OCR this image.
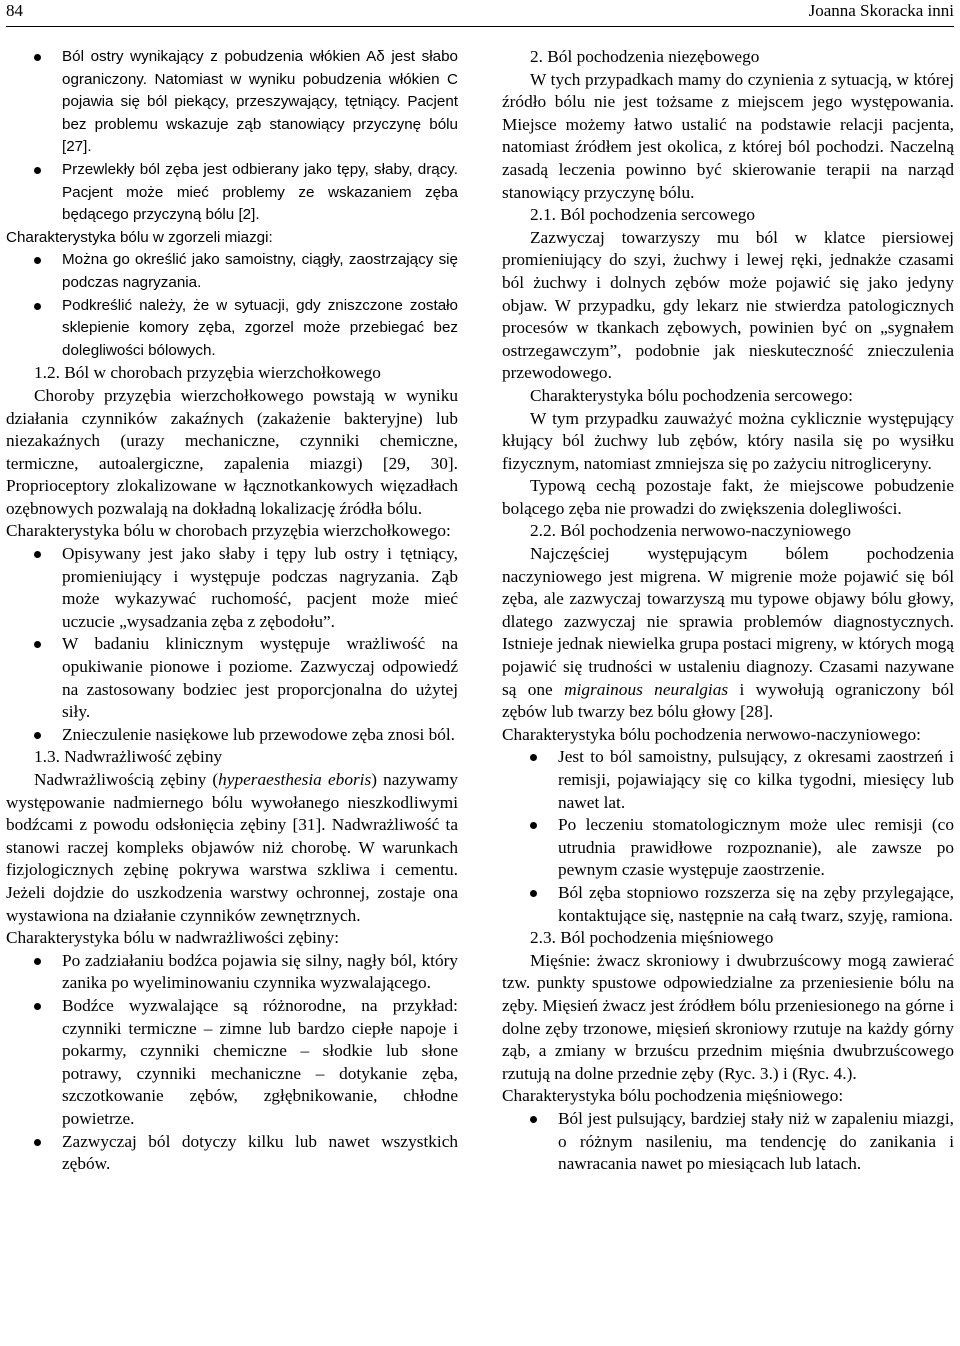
84	Joanna Skoracka inni
Ból ostry wynikający z pobudzenia włókien Aδ jest słabo ograniczony. Natomiast w wyniku pobudzenia włókien C pojawia się ból piekący, przeszywający, tętniący. Pacjent bez problemu wskazuje ząb stanowiący przyczynę bólu [27].
Przewlekły ból zęba jest odbierany jako tępy, słaby, drący. Pacjent może mieć problemy ze wskazaniem zęba będącego przyczyną bólu [2].

Charakterystyka bólu w zgorzeli miazgi:

Można go określić jako samoistny, ciągły, zaostrzający się podczas nagryzania.
Podkreślić należy, że w sytuacji, gdy zniszczone zostało sklepienie komory zęba, zgorzel może przebiegać bez dolegliwości bólowych.

1.2. Ból w chorobach przyzębia wierzchołkowego

Choroby przyzębia wierzchołkowego powstają w wyniku działania czynników zakaźnych (zakażenie bakteryjne) lub niezakaźnych (urazy mechaniczne, czynniki chemiczne, termiczne, autoalergiczne, zapalenia miazgi) [29, 30]. Proprioceptory zlokalizowane w łącznotkankowych więzadłach ozębnowych pozwalają na dokładną lokalizację źródła bólu.

Charakterystyka bólu w chorobach przyzębia wierzchołkowego:

Opisywany jest jako słaby i tępy lub ostry i tętniący, promieniujący i występuje podczas nagryzania. Ząb może wykazywać ruchomość, pacjent może mieć uczucie „wysadzania zęba z zębodołu”.
W badaniu klinicznym występuje wrażliwość na opukiwanie pionowe i poziome. Zazwyczaj odpowiedź na zastosowany bodziec jest proporcjonalna do użytej siły.
Znieczulenie nasiękowe lub przewodowe zęba znosi ból.

1.3. Nadwrażliwość zębiny

Nadwrażliwością zębiny (hyperaesthesia eboris) nazywamy występowanie nadmiernego bólu wywołanego nieszkodliwymi bodźcami z powodu odsłonięcia zębiny [31]. Nadwrażliwość ta stanowi raczej kompleks objawów niż chorobę. W warunkach fizjologicznych zębinę pokrywa warstwa szkliwa i cementu. Jeżeli dojdzie do uszkodzenia warstwy ochronnej, zostaje ona wystawiona na działanie czynników zewnętrznych.

Charakterystyka bólu w nadwrażliwości zębiny:

Po zadziałaniu bodźca pojawia się silny, nagły ból, który zanika po wyeliminowaniu czynnika wyzwalającego.
Bodźce wyzwalające są różnorodne, na przykład: czynniki termiczne – zimne lub bardzo ciepłe napoje i pokarmy, czynniki chemiczne – słodkie lub słone potrawy, czynniki mechaniczne – dotykanie zęba, szczotkowanie zębów, zgłębnikowanie, chłodne powietrze.
Zazwyczaj ból dotyczy kilku lub nawet wszystkich zębów.

2. Ból pochodzenia niezębowego

W tych przypadkach mamy do czynienia z sytuacją, w której źródło bólu nie jest tożsame z miejscem jego występowania. Miejsce możemy łatwo ustalić na podstawie relacji pacjenta, natomiast źródłem jest okolica, z której ból pochodzi. Naczelną zasadą leczenia powinno być skierowanie terapii na narząd stanowiący przyczynę bólu.

2.1. Ból pochodzenia sercowego

Zazwyczaj towarzyszy mu ból w klatce piersiowej promieniujący do szyi, żuchwy i lewej ręki, jednakże czasami ból żuchwy i dolnych zębów może pojawić się jako jedyny objaw. W przypadku, gdy lekarz nie stwierdza patologicznych procesów w tkankach zębowych, powinien być on „sygnałem ostrzegawczym”, podobnie jak nieskuteczność znieczulenia przewodowego.

Charakterystyka bólu pochodzenia sercowego:

W tym przypadku zauważyć można cyklicznie występujący kłujący ból żuchwy lub zębów, który nasila się po wysiłku fizycznym, natomiast zmniejsza się po zażyciu nitrogliceryny.

Typową cechą pozostaje fakt, że miejscowe pobudzenie bolącego zęba nie prowadzi do zwiększenia dolegliwości.

2.2. Ból pochodzenia nerwowo-naczyniowego

Najczęściej występującym bólem pochodzenia naczyniowego jest migrena. W migrenie może pojawić się ból zęba, ale zazwyczaj towarzyszą mu typowe objawy bólu głowy, dlatego zazwyczaj nie sprawia problemów diagnostycznych. Istnieje jednak niewielka grupa postaci migreny, w których mogą pojawić się trudności w ustaleniu diagnozy. Czasami nazywane są one migrainous neuralgias i wywołują ograniczony ból zębów lub twarzy bez bólu głowy [28].

Charakterystyka bólu pochodzenia nerwowo-naczyniowego:

Jest to ból samoistny, pulsujący, z okresami zaostrzeń i remisji, pojawiający się co kilka tygodni, miesięcy lub nawet lat.
Po leczeniu stomatologicznym może ulec remisji (co utrudnia prawidłowe rozpoznanie), ale zawsze po pewnym czasie występuje zaostrzenie.
Ból zęba stopniowo rozszerza się na zęby przylegające, kontaktujące się, następnie na całą twarz, szyję, ramiona.

2.3. Ból pochodzenia mięśniowego

Mięśnie: żwacz skroniowy i dwubrzuścowy mogą zawierać tzw. punkty spustowe odpowiedzialne za przeniesienie bólu na zęby. Mięsień żwacz jest źródłem bólu przeniesionego na górne i dolne zęby trzonowe, mięsień skroniowy rzutuje na każdy górny ząb, a zmiany w brzuścu przednim mięśnia dwubrzuścowego rzutują na dolne przednie zęby (Ryc. 3.) i (Ryc. 4.).

Charakterystyka bólu pochodzenia mięśniowego:

Ból jest pulsujący, bardziej stały niż w zapaleniu miazgi, o różnym nasileniu, ma tendencję do zanikania i nawracania nawet po miesiącach lub latach.
